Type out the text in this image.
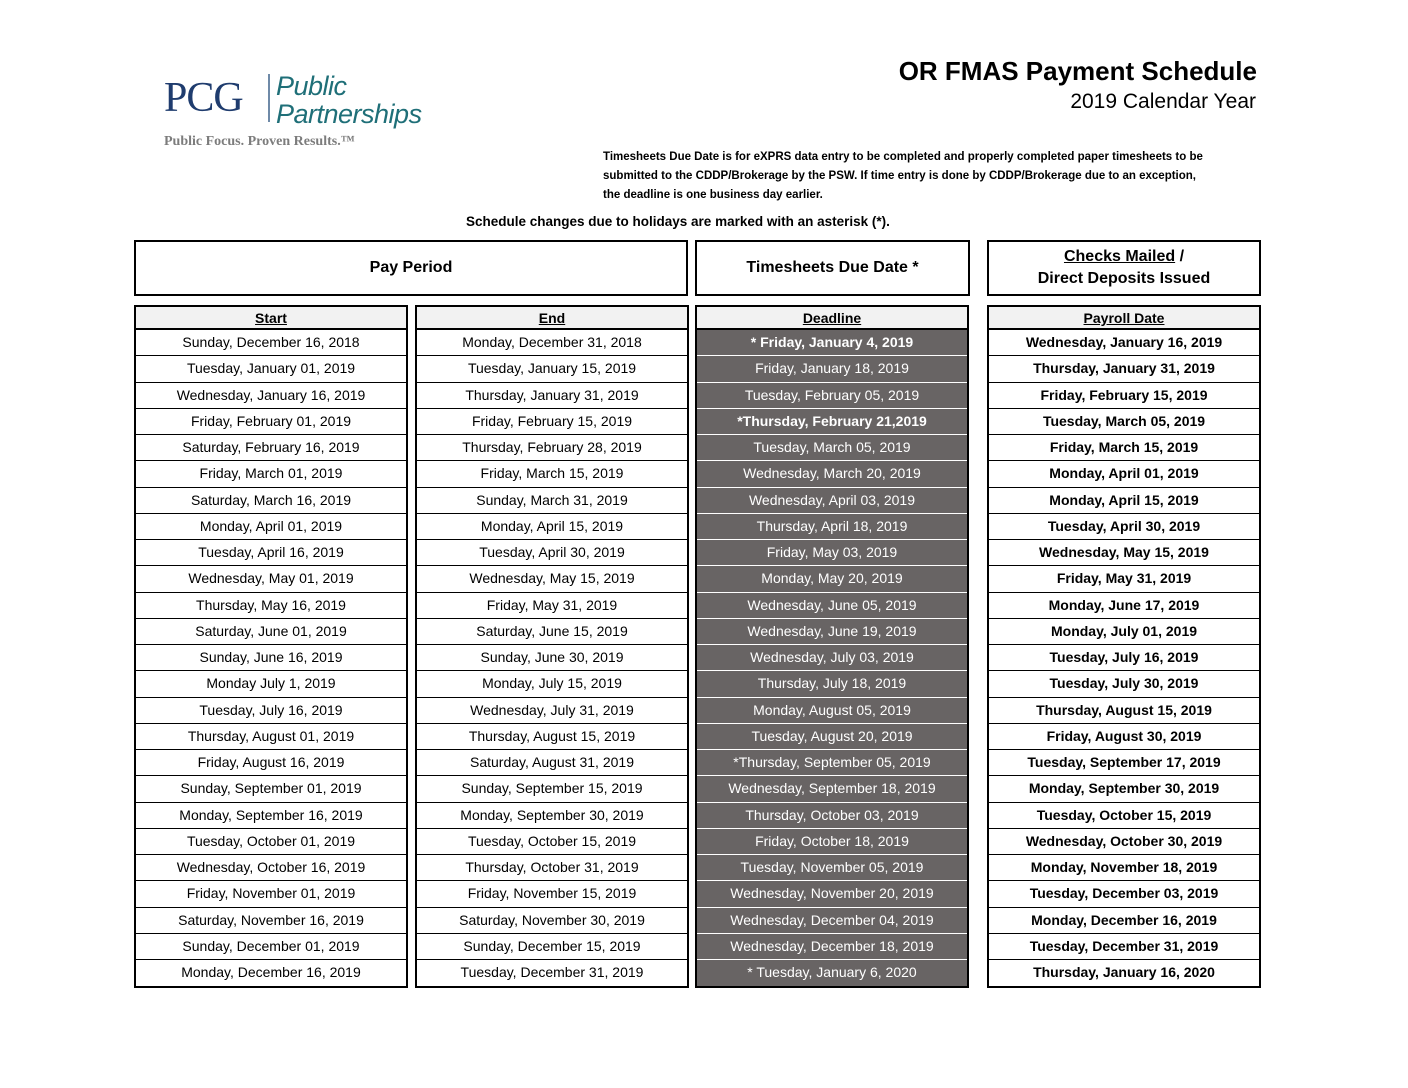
PCG Public
Partnerships
Public Focus. Proven Results.™
OR FMAS Payment Schedule
2019 Calendar Year
Timesheets Due Date is for eXPRS data entry to be completed and properly completed paper timesheets to be
submitted to the CDDP/Brokerage by the PSW. If time entry is done by CDDP/Brokerage due to an exception,
the deadline is one business day earlier.
Schedule changes due to holidays are marked with an asterisk (*).
Pay Period	Timesheets Due Date *
Checks Mailed /
Direct Deposits Issued
Start
Sunday, December 16, 2018
Tuesday, January 01, 2019
Wednesday, January 16, 2019
Friday, February 01, 2019
Saturday, February 16, 2019
Friday, March 01, 2019
Saturday, March 16, 2019
Monday, April 01, 2019
Tuesday, April 16, 2019
Wednesday, May 01, 2019
Thursday, May 16, 2019
Saturday, June 01, 2019
Sunday, June 16, 2019
Monday July 1, 2019
Tuesday, July 16, 2019
Thursday, August 01, 2019
Friday, August 16, 2019
Sunday, September 01, 2019
Monday, September 16, 2019
Tuesday, October 01, 2019
Wednesday, October 16, 2019
Friday, November 01, 2019
Saturday, November 16, 2019
Sunday, December 01, 2019
Monday, December 16, 2019
End
Monday, December 31, 2018
Tuesday, January 15, 2019
Thursday, January 31, 2019
Friday, February 15, 2019
Thursday, February 28, 2019
Friday, March 15, 2019
Sunday, March 31, 2019
Monday, April 15, 2019
Tuesday, April 30, 2019
Wednesday, May 15, 2019
Friday, May 31, 2019
Saturday, June 15, 2019
Sunday, June 30, 2019
Monday, July 15, 2019
Wednesday, July 31, 2019
Thursday, August 15, 2019
Saturday, August 31, 2019
Sunday, September 15, 2019
Monday, September 30, 2019
Tuesday, October 15, 2019
Thursday, October 31, 2019
Friday, November 15, 2019
Saturday, November 30, 2019
Sunday, December 15, 2019
Tuesday, December 31, 2019
Deadline
* Friday, January 4, 2019
Friday, January 18, 2019
Tuesday, February 05, 2019
*Thursday, February 21,2019
Tuesday, March 05, 2019
Wednesday, March 20, 2019
Wednesday, April 03, 2019
Thursday, April 18, 2019
Friday, May 03, 2019
Monday, May 20, 2019
Wednesday, June 05, 2019
Wednesday, June 19, 2019
Wednesday, July 03, 2019
Thursday, July 18, 2019
Monday, August 05, 2019
Tuesday, August 20, 2019
*Thursday, September 05, 2019
Wednesday, September 18, 2019
Thursday, October 03, 2019
Friday, October 18, 2019
Tuesday, November 05, 2019
Wednesday, November 20, 2019
Wednesday, December 04, 2019
Wednesday, December 18, 2019
* Tuesday, January 6, 2020
Payroll Date
Wednesday, January 16, 2019
Thursday, January 31, 2019
Friday, February 15, 2019
Tuesday, March 05, 2019
Friday, March 15, 2019
Monday, April 01, 2019
Monday, April 15, 2019
Tuesday, April 30, 2019
Wednesday, May 15, 2019
Friday, May 31, 2019
Monday, June 17, 2019
Monday, July 01, 2019
Tuesday, July 16, 2019
Tuesday, July 30, 2019
Thursday, August 15, 2019
Friday, August 30, 2019
Tuesday, September 17, 2019
Monday, September 30, 2019
Tuesday, October 15, 2019
Wednesday, October 30, 2019
Monday, November 18, 2019
Tuesday, December 03, 2019
Monday, December 16, 2019
Tuesday, December 31, 2019
Thursday, January 16, 2020
